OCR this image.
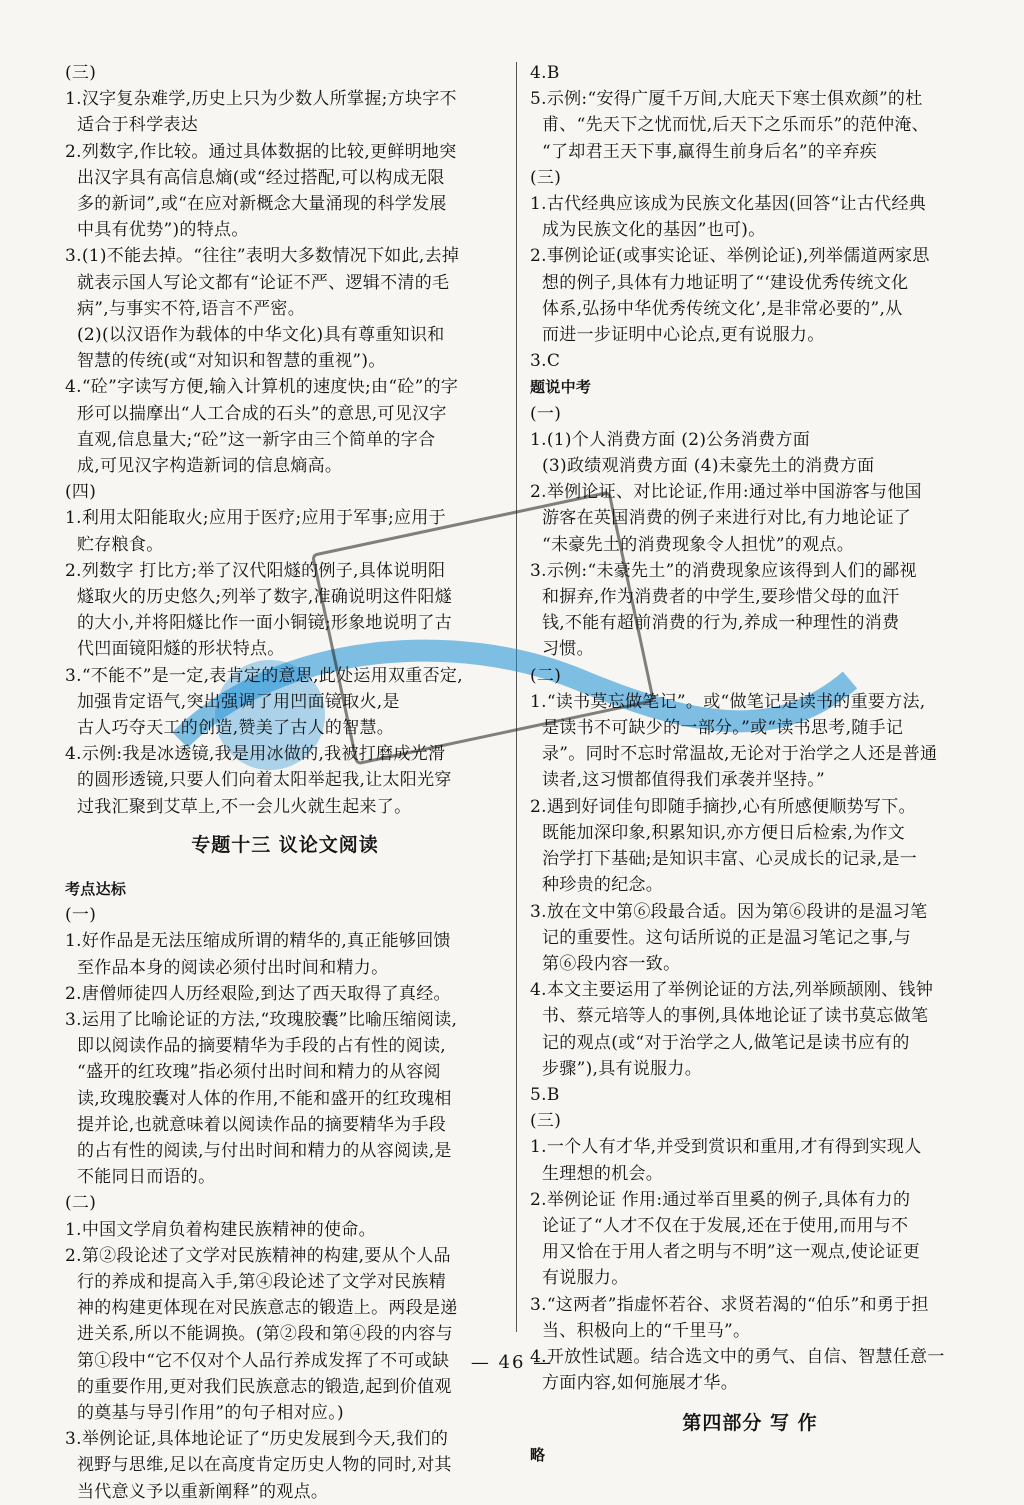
(三)
1.汉字复杂难学,历史上只为少数人所掌握;方块字不
适合于科学表达
2.列数字,作比较。通过具体数据的比较,更鲜明地突
出汉字具有高信息熵(或“经过搭配,可以构成无限
多的新词”,或“在应对新概念大量涌现的科学发展
中具有优势”)的特点。
3.(1)不能去掉。“往往”表明大多数情况下如此,去掉
就表示国人写论文都有“论证不严、逻辑不清的毛
病”,与事实不符,语言不严密。
(2)(以汉语作为载体的中华文化)具有尊重知识和
智慧的传统(或“对知识和智慧的重视”)。
4.“砼”字读写方便,输入计算机的速度快;由“砼”的字
形可以揣摩出“人工合成的石头”的意思,可见汉字
直观,信息量大;“砼”这一新字由三个简单的字合
成,可见汉字构造新词的信息熵高。
(四)
1.利用太阳能取火;应用于医疗;应用于军事;应用于
贮存粮食。
2.列数字 打比方;举了汉代阳燧的例子,具体说明阳
燧取火的历史悠久;列举了数字,准确说明这件阳燧
的大小,并将阳燧比作一面小铜镜;形象地说明了古
代凹面镜阳燧的形状特点。
3.“不能不”是一定,表肯定的意思,此处运用双重否定,
加强肯定语气,突出强调了用凹面镜取火,是
古人巧夺天工的创造,赞美了古人的智慧。
4.示例:我是冰透镜,我是用冰做的,我被打磨成光滑
的圆形透镜,只要人们向着太阳举起我,让太阳光穿
过我汇聚到艾草上,不一会儿火就生起来了。
专题十三 议论文阅读
考点达标
(一)
1.好作品是无法压缩成所谓的精华的,真正能够回馈
至作品本身的阅读必须付出时间和精力。
2.唐僧师徒四人历经艰险,到达了西天取得了真经。
3.运用了比喻论证的方法,“玫瑰胶囊”比喻压缩阅读,
即以阅读作品的摘要精华为手段的占有性的阅读,
“盛开的红玫瑰”指必须付出时间和精力的从容阅
读,玫瑰胶囊对人体的作用,不能和盛开的红玫瑰相
提并论,也就意味着以阅读作品的摘要精华为手段
的占有性的阅读,与付出时间和精力的从容阅读,是
不能同日而语的。
(二)
1.中国文学肩负着构建民族精神的使命。
2.第②段论述了文学对民族精神的构建,要从个人品
行的养成和提高入手,第④段论述了文学对民族精
神的构建更体现在对民族意志的锻造上。两段是递
进关系,所以不能调换。(第②段和第④段的内容与
第①段中“它不仅对个人品行养成发挥了不可或缺
的重要作用,更对我们民族意志的锻造,起到价值观
的奠基与导引作用”的句子相对应。)
3.举例论证,具体地论证了“历史发展到今天,我们的
视野与思维,足以在高度肯定历史人物的同时,对其
当代意义予以重新阐释”的观点。
4.B
5.示例:“安得广厦千万间,大庇天下寒士俱欢颜”的杜
甫、“先天下之忧而忧,后天下之乐而乐”的范仲淹、
“了却君王天下事,赢得生前身后名”的辛弃疾
(三)
1.古代经典应该成为民族文化基因(回答“让古代经典
成为民族文化的基因”也可)。
2.事例论证(或事实论证、举例论证),列举儒道两家思
想的例子,具体有力地证明了“‘建设优秀传统文化
体系,弘扬中华优秀传统文化’,是非常必要的”,从
而进一步证明中心论点,更有说服力。
3.C
题说中考
(一)
1.(1)个人消费方面 (2)公务消费方面
(3)政绩观消费方面 (4)未豪先土的消费方面
2.举例论证、对比论证,作用:通过举中国游客与他国
游客在英国消费的例子来进行对比,有力地论证了
“未豪先土的消费现象令人担忧”的观点。
3.示例:“未豪先土”的消费现象应该得到人们的鄙视
和摒弃,作为消费者的中学生,要珍惜父母的血汗
钱,不能有超前消费的行为,养成一种理性的消费
习惯。
(二)
1.“读书莫忘做笔记”。或“做笔记是读书的重要方法,
是读书不可缺少的一部分。”或“读书思考,随手记
录”。同时不忘时常温故,无论对于治学之人还是普通
读者,这习惯都值得我们承袭并坚持。”
2.遇到好词佳句即随手摘抄,心有所感便顺势写下。
既能加深印象,积累知识,亦方便日后检索,为作文
治学打下基础;是知识丰富、心灵成长的记录,是一
种珍贵的纪念。
3.放在文中第⑥段最合适。因为第⑥段讲的是温习笔
记的重要性。这句话所说的正是温习笔记之事,与
第⑥段内容一致。
4.本文主要运用了举例论证的方法,列举顾颉刚、钱钟
书、蔡元培等人的事例,具体地论证了读书莫忘做笔
记的观点(或“对于治学之人,做笔记是读书应有的
步骤”),具有说服力。
5.B
(三)
1.一个人有才华,并受到赏识和重用,才有得到实现人
生理想的机会。
2.举例论证 作用:通过举百里奚的例子,具体有力的
论证了“人才不仅在于发展,还在于使用,而用与不
用又恰在于用人者之明与不明”这一观点,使论证更
有说服力。
3.“这两者”指虚怀若谷、求贤若渴的“伯乐”和勇于担
当、积极向上的“千里马”。
4.开放性试题。结合选文中的勇气、自信、智慧任意一
方面内容,如何施展才华。
第四部分 写 作
略
— 46 —
